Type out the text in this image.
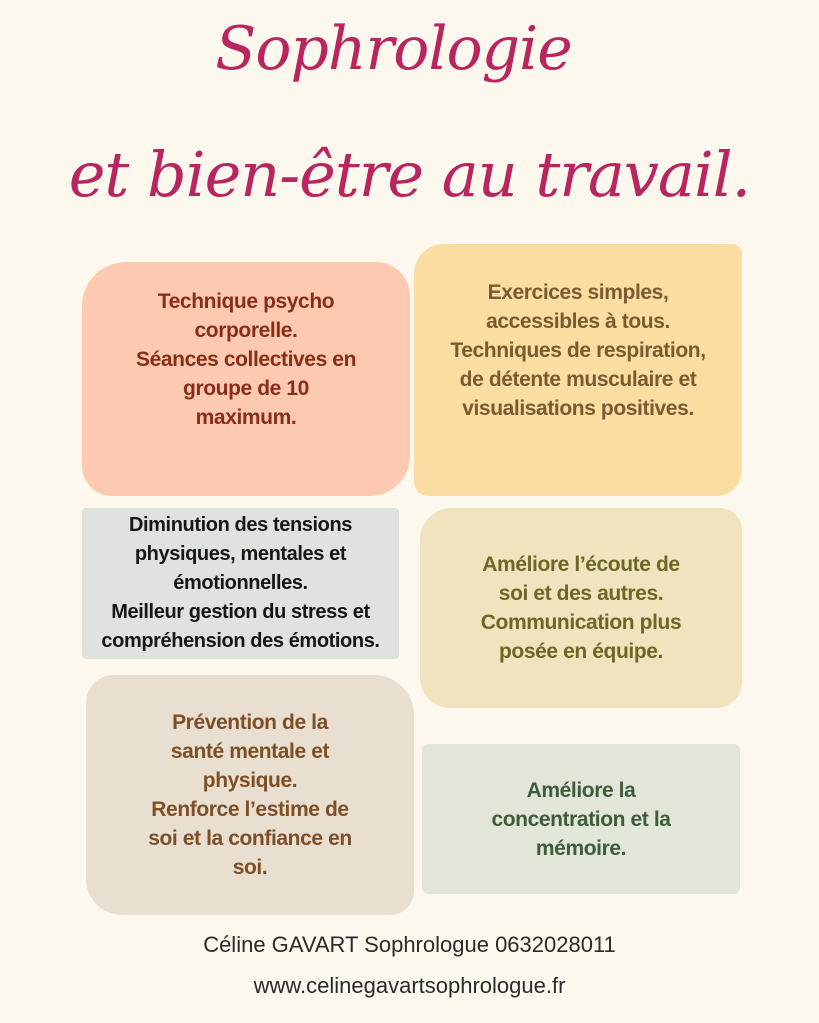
Sophrologie
et bien-être au travail.

Technique psycho
corporelle.
Séances collectives en
groupe de 10
maximum.

Exercices simples,
accessibles à tous.
Techniques de respiration,
de détente musculaire et
visualisations positives.

Diminution des tensions
physiques, mentales et
émotionnelles.
Meilleur gestion du stress et
compréhension des émotions.

Améliore l’écoute de
soi et des autres.
Communication plus
posée en équipe.

Prévention de la
santé mentale et
physique.
Renforce l’estime de
soi et la confiance en
soi.

Améliore la
concentration et la
mémoire.

Céline GAVART Sophrologue 0632028011

www.celinegavartsophrologue.fr
